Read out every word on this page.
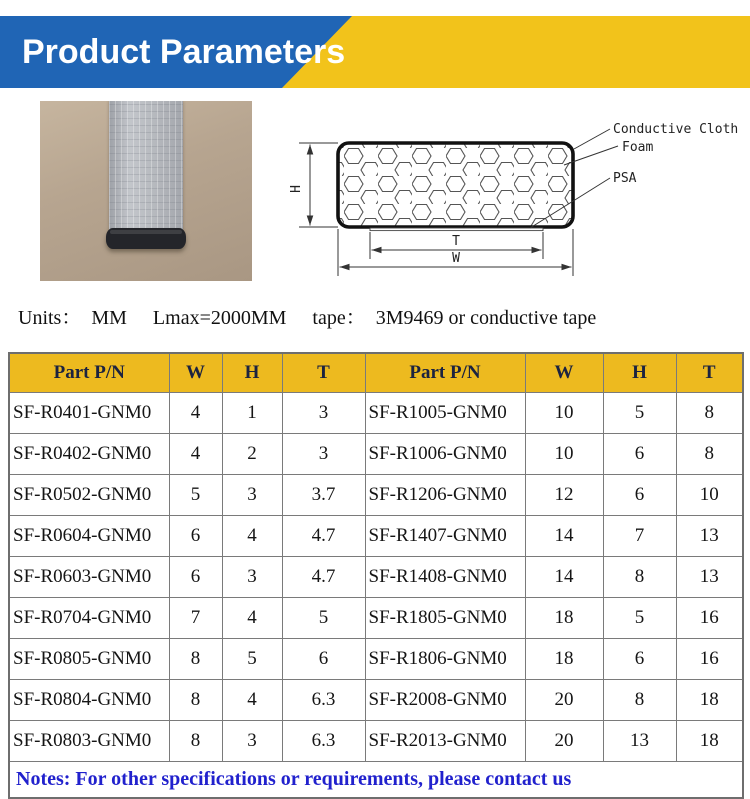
Product Parameters
H
T
W
Conductive Cloth
Foam
PSA
Units： MM Lmax=2000MM tape： 3M9469 or conductive tape
Part P/N	W	H	T	Part P/N	W	H	T
SF-R0401-GNM0	4	1	3	SF-R1005-GNM0	10	5	8
SF-R0402-GNM0	4	2	3	SF-R1006-GNM0	10	6	8
SF-R0502-GNM0	5	3	3.7	SF-R1206-GNM0	12	6	10
SF-R0604-GNM0	6	4	4.7	SF-R1407-GNM0	14	7	13
SF-R0603-GNM0	6	3	4.7	SF-R1408-GNM0	14	8	13
SF-R0704-GNM0	7	4	5	SF-R1805-GNM0	18	5	16
SF-R0805-GNM0	8	5	6	SF-R1806-GNM0	18	6	16
SF-R0804-GNM0	8	4	6.3	SF-R2008-GNM0	20	8	18
SF-R0803-GNM0	8	3	6.3	SF-R2013-GNM0	20	13	18
Notes: For other specifications or requirements, please contact us							
